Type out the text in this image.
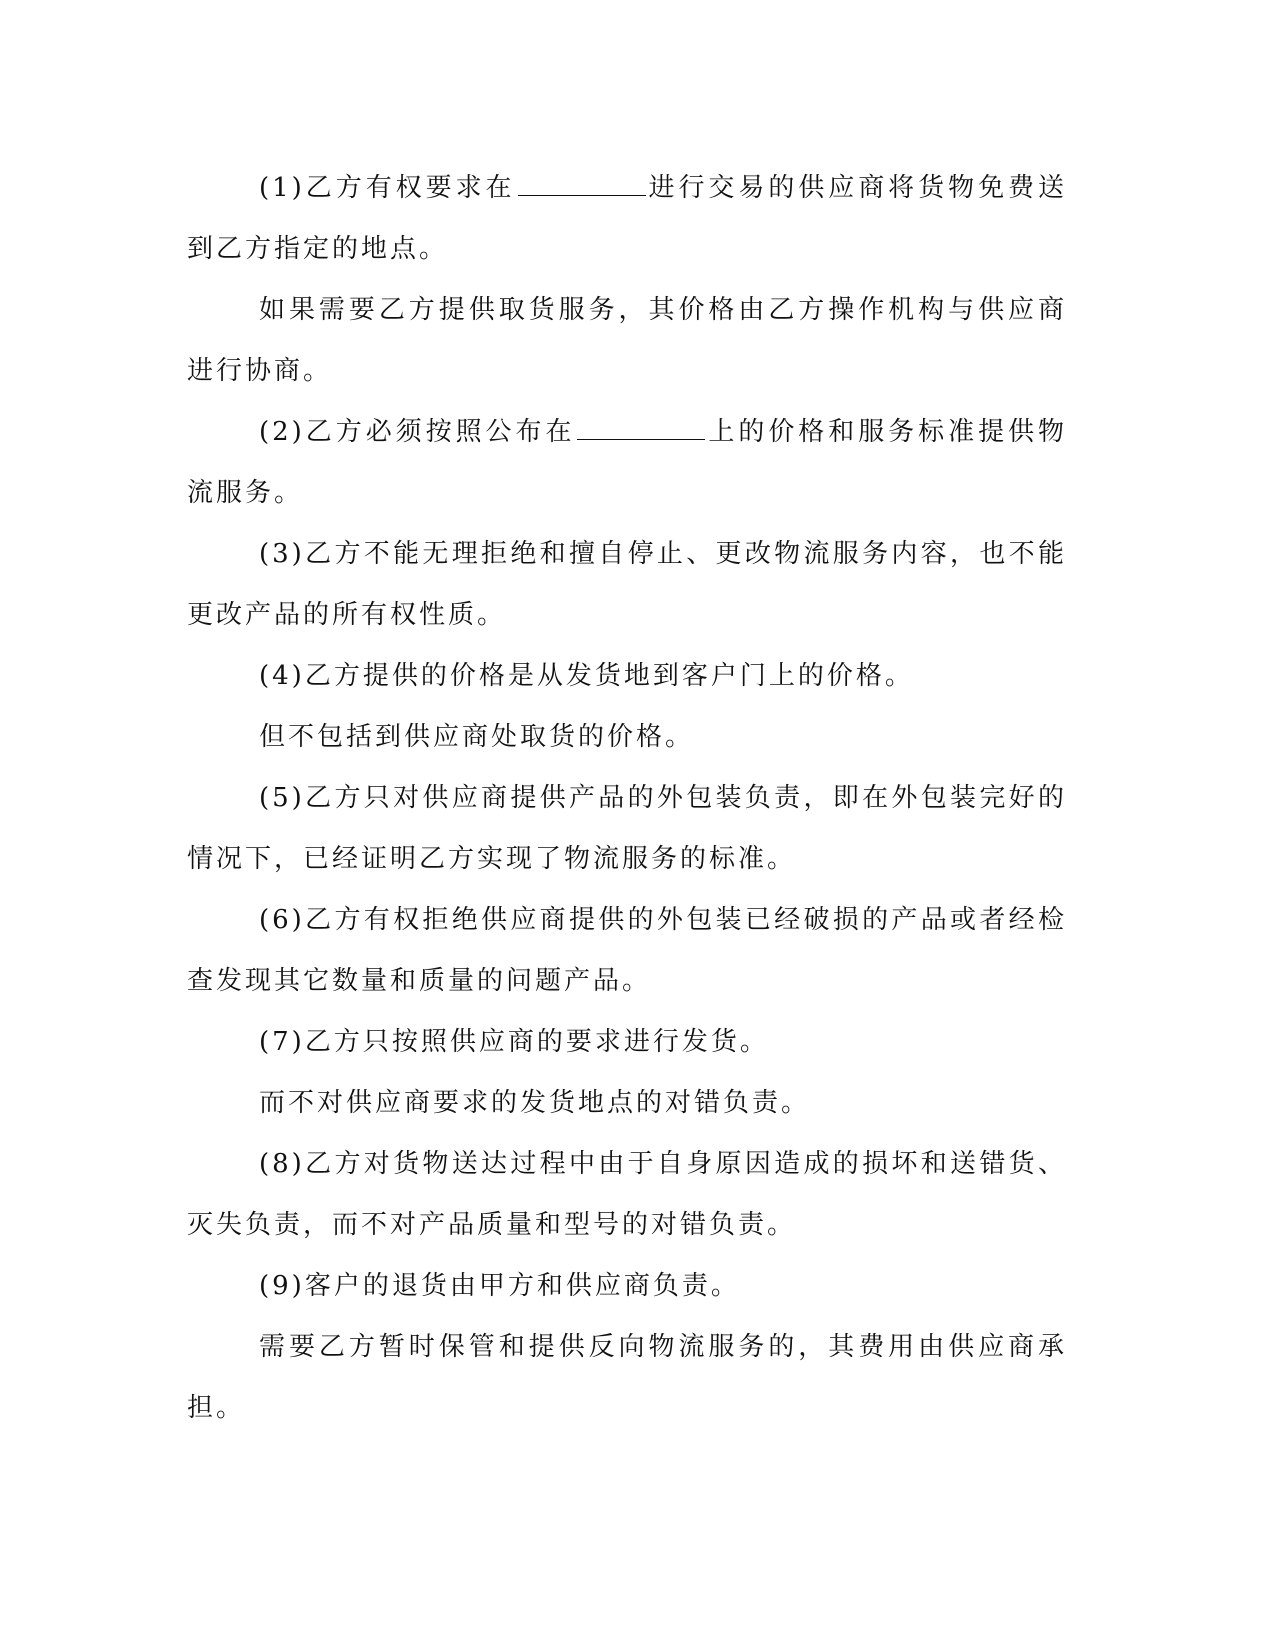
(1)乙方有权要求在	进行交易的供应商将货物免费送到乙方指定的地点。

如果需要乙方提供取货服务，其价格由乙方操作机构与供应商进行协商。

(2)乙方必须按照公布在	上的价格和服务标准提供物流服务。

(3)乙方不能无理拒绝和擅自停止、更改物流服务内容，也不能更改产品的所有权性质。

(4)乙方提供的价格是从发货地到客户门上的价格。

但不包括到供应商处取货的价格。

(5)乙方只对供应商提供产品的外包装负责，即在外包装完好的情况下，已经证明乙方实现了物流服务的标准。

(6)乙方有权拒绝供应商提供的外包装已经破损的产品或者经检查发现其它数量和质量的问题产品。

(7)乙方只按照供应商的要求进行发货。

而不对供应商要求的发货地点的对错负责。

(8)乙方对货物送达过程中由于自身原因造成的损坏和送错货、灭失负责，而不对产品质量和型号的对错负责。

(9)客户的退货由甲方和供应商负责。

需要乙方暂时保管和提供反向物流服务的，其费用由供应商承担。
